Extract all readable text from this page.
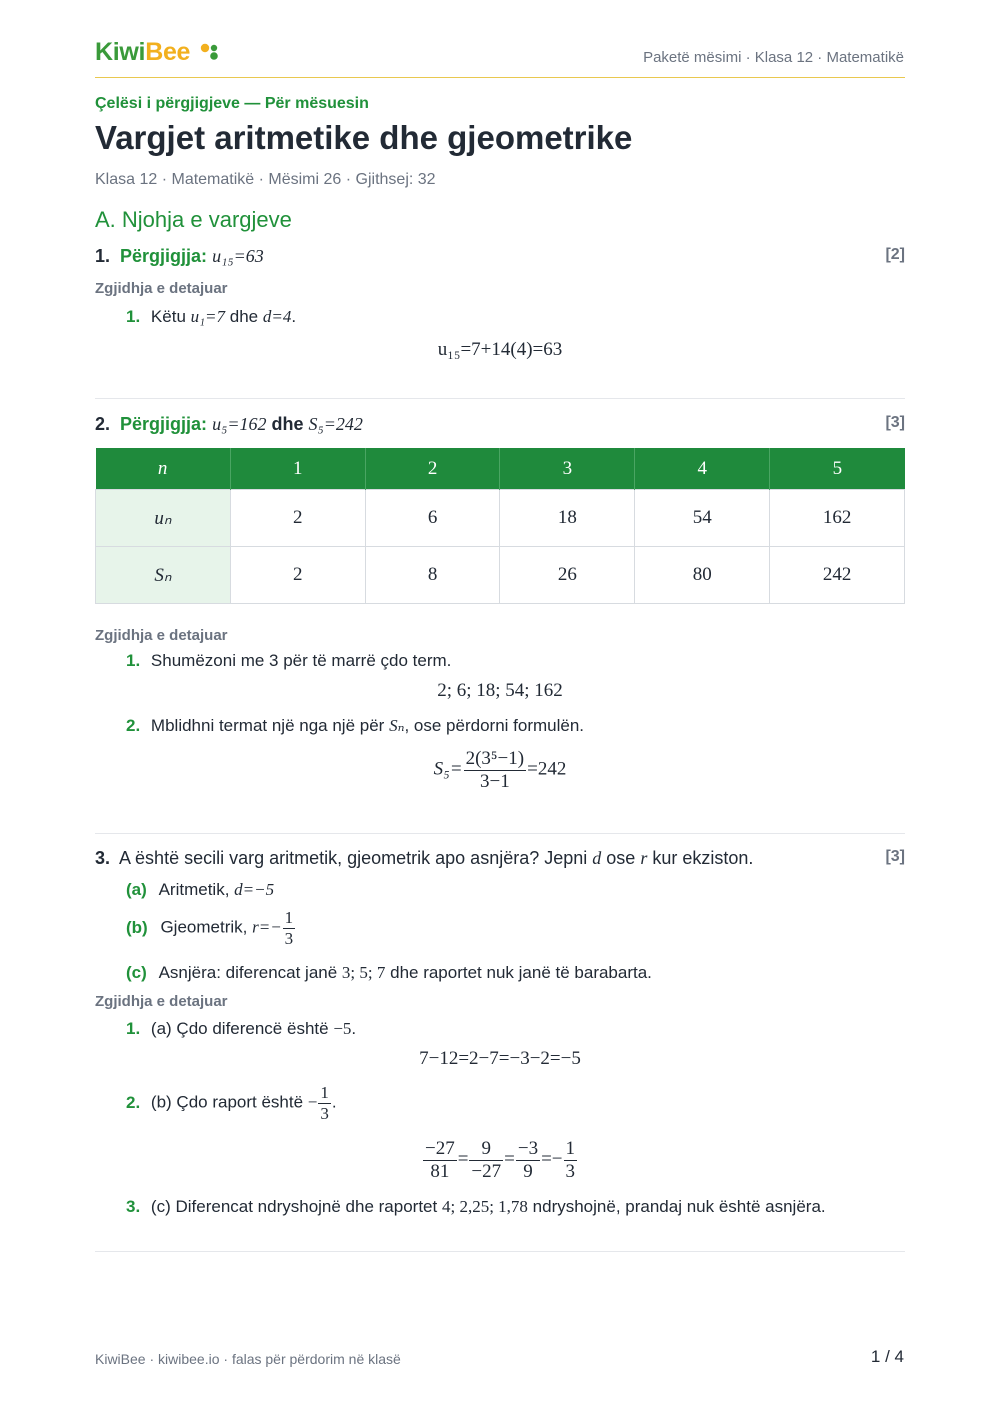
KiwiBee	Paketë mësimi · Klasa 12 · Matematikë
Çelësi i përgjigjeve — Për mësuesin
Vargjet aritmetike dhe gjeometrike
Klasa 12 · Matematikë · Mësimi 26 · Gjithsej: 32
A. Njohja e vargjeve
1. Përgjigjja: u₁₅=63	[2]
Zgjidhja e detajuar
1. Këtu u₁=7 dhe d=4.
u₁₅=7+14(4)=63
2. Përgjigjja: u₅=162 dhe S₅=242	[3]
n	1	2	3	4	5
uₙ	2	6	18	54	162
Sₙ	2	8	26	80	242
Zgjidhja e detajuar
1. Shumëzoni me 3 për të marrë çdo term.
2; 6; 18; 54; 162
2. Mblidhni termat një nga një për Sₙ, ose përdorni formulën.
$S_5= \frac{\text{2(3⁵−1)}}{3-1} =242$
3. A është secili varg aritmetik, gjeometrik apo asnjëra? Jepni d ose r kur ekziston.	[3]
(a) Aritmetik, d=−5
(b) Gjeometrik, $r=- \frac{1}{3}$
(c) Asnjëra: diferencat janë 3; 5; 7 dhe raportet nuk janë të barabarta.
Zgjidhja e detajuar
1. (a) Çdo diferencë është −5.
7−12=2−7=−3−2=−5
2. (b) Çdo raport është − $\frac{1}{3}$ .
$\frac{-27}{81} = \frac{9}{-27} = \frac{-3}{9} =- \frac{1}{3}$
3. (c) Diferencat ndryshojnë dhe raportet 4; 2,25; 1,78 ndryshojnë, prandaj nuk është asnjëra.
KiwiBee · kiwibee.io · falas për përdorim në klasë	1 / 4
